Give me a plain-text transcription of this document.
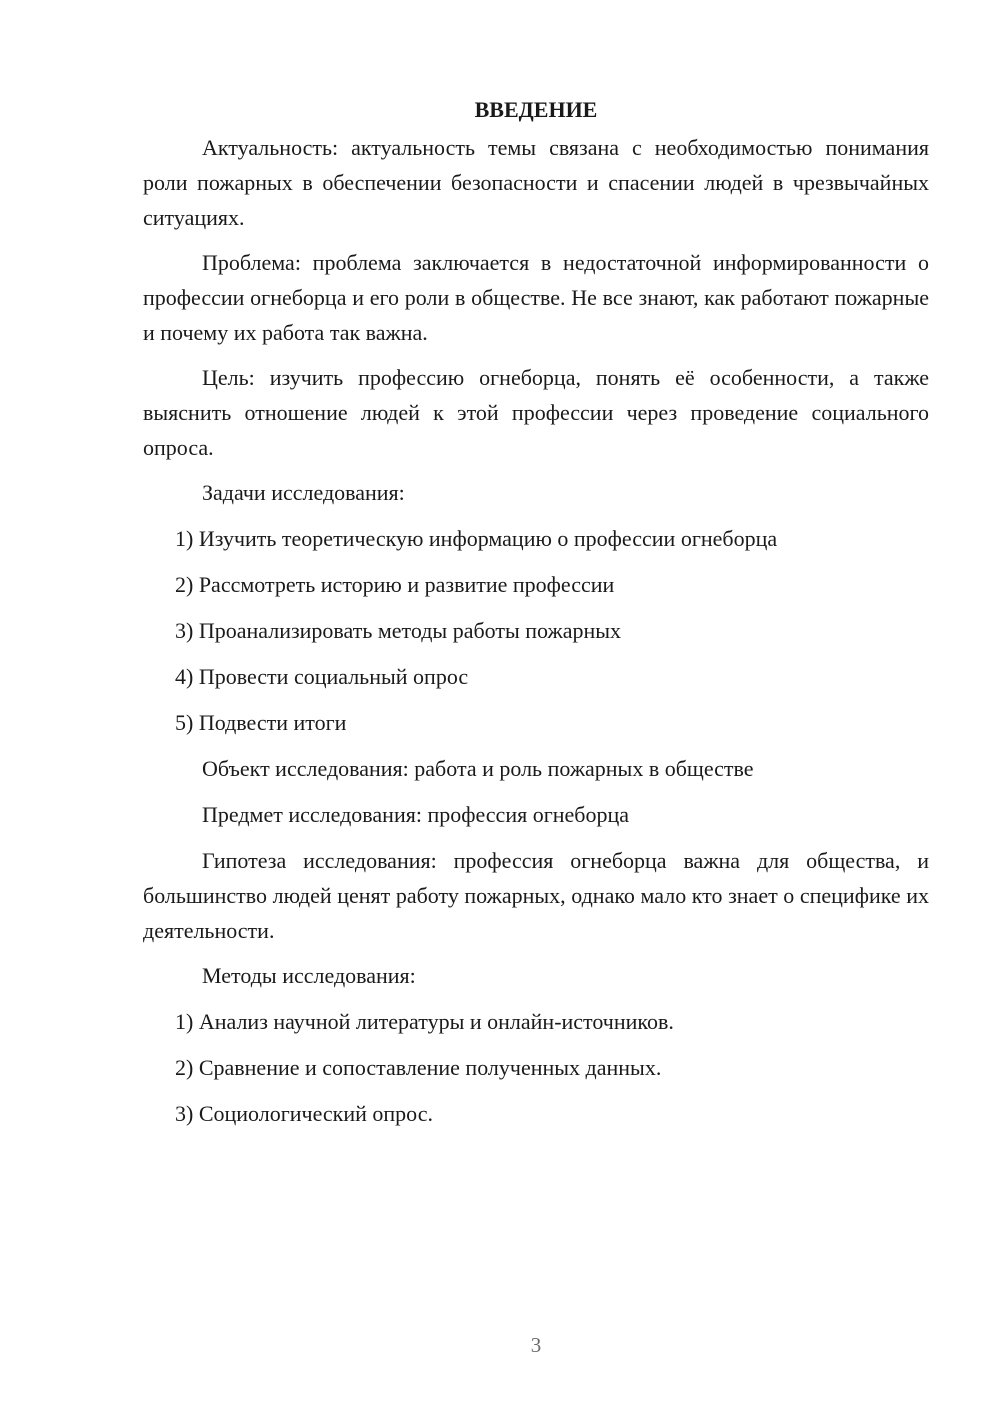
ВВЕДЕНИЕ

Актуальность: актуальность темы связана с необходимостью понимания роли пожарных в обеспечении безопасности и спасении людей в чрезвычайных ситуациях.

Проблема: проблема заключается в недостаточной информированности о профессии огнеборца и его роли в обществе. Не все знают, как работают пожарные и почему их работа так важна.

Цель: изучить профессию огнеборца, понять её особенности, а также выяснить отношение людей к этой профессии через проведение социального опроса.

Задачи исследования:

1) Изучить теоретическую информацию о профессии огнеборца
2) Рассмотреть историю и развитие профессии
3) Проанализировать методы работы пожарных
4) Провести социальный опрос
5) Подвести итоги

Объект исследования: работа и роль пожарных в обществе

Предмет исследования: профессия огнеборца

Гипотеза исследования: профессия огнеборца важна для общества, и большинство людей ценят работу пожарных, однако мало кто знает о специфике их деятельности.

Методы исследования:

1) Анализ научной литературы и онлайн-источников.
2) Сравнение и сопоставление полученных данных.
3) Социологический опрос.
3
